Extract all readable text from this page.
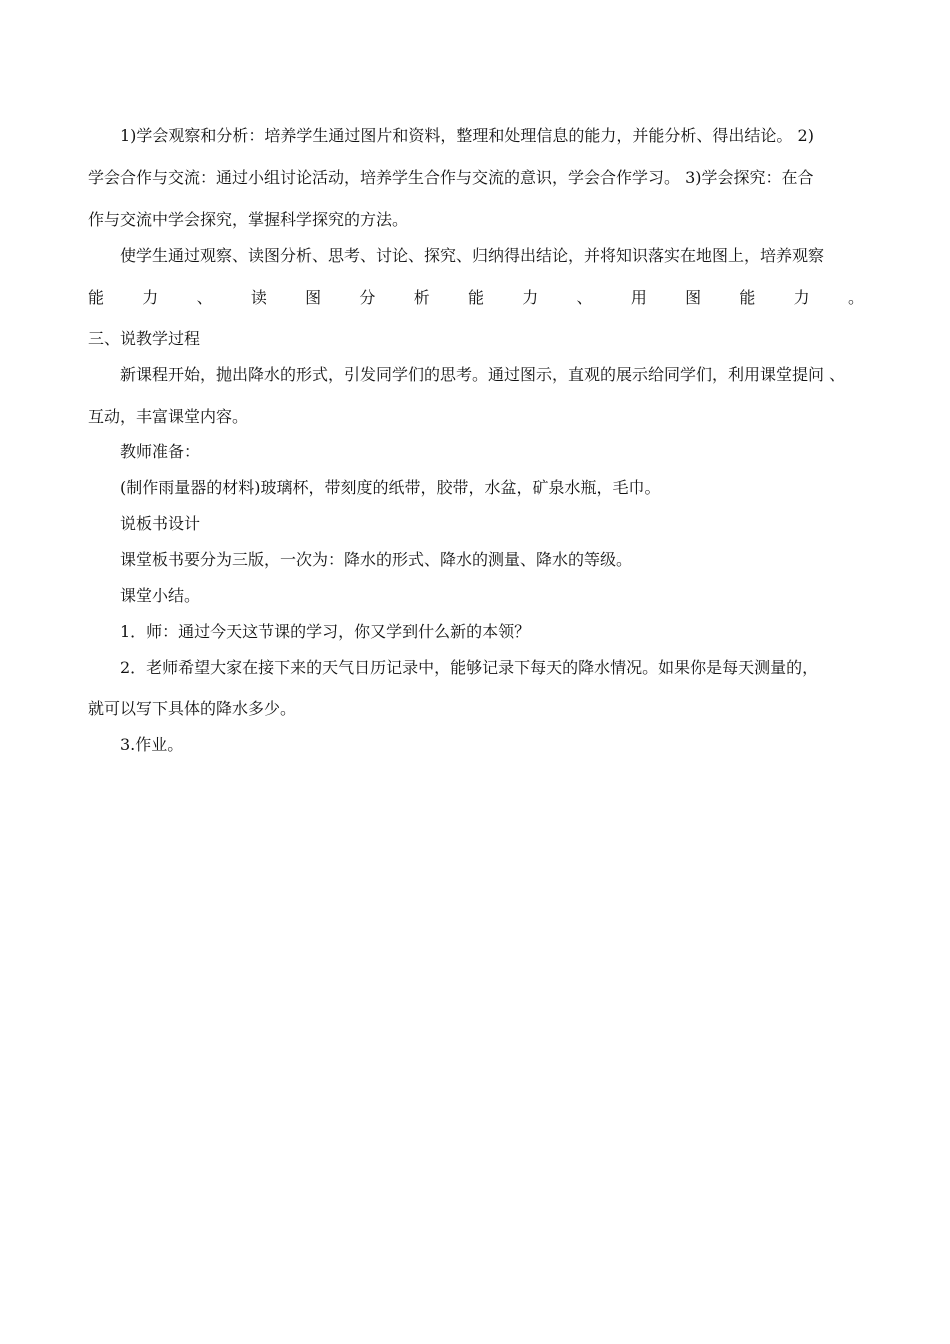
1)学会观察和分析：培养学生通过图片和资料，整理和处理信息的能力，并能分析、得出结论。 2)
学会合作与交流：通过小组讨论活动，培养学生合作与交流的意识，学会合作学习。 3)学会探究：在合
作与交流中学会探究，掌握科学探究的方法。
使学生通过观察、读图分析、思考、讨论、探究、归纳得出结论，并将知识落实在地图上，培养观察
能 力 、 读 图 分 析 能 力 、 用 图 能 力 。
三、说教学过程
新课程开始，抛出降水的形式，引发同学们的思考。通过图示，直观的展示给同学们，利用课堂提问 、
互动，丰富课堂内容。
教师准备：
(制作雨量器的材料)玻璃杯，带刻度的纸带，胶带，水盆，矿泉水瓶，毛巾。
说板书设计
课堂板书要分为三版，一次为：降水的形式、降水的测量、降水的等级。
课堂小结。
1．师：通过今天这节课的学习，你又学到什么新的本领？
2．老师希望大家在接下来的天气日历记录中，能够记录下每天的降水情况。如果你是每天测量的，
就可以写下具体的降水多少。
3.作业。
